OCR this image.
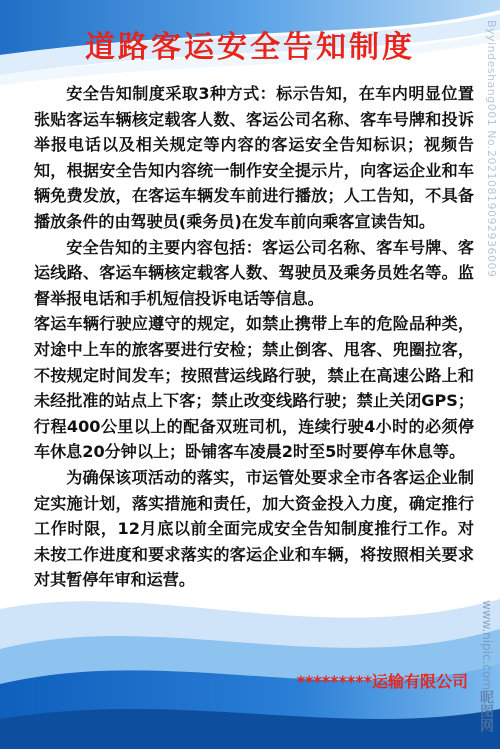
道路客运安全告知制度

安全告知制度采取3种方式：标示告知，在车内明显位置张贴客运车辆核定载客人数、客运公司名称、客车号牌和投诉举报电话以及相关规定等内容的客运安全告知标识；视频告知，根据安全告知内容统一制作安全提示片，向客运企业和车辆免费发放，在客运车辆发车前进行播放；人工告知，不具备播放条件的由驾驶员(乘务员)在发车前向乘客宣读告知。

安全告知的主要内容包括：客运公司名称、客车号牌、客运线路、客运车辆核定载客人数、驾驶员及乘务员姓名等。监督举报电话和手机短信投诉电话等信息。

客运车辆行驶应遵守的规定，如禁止携带上车的危险品种类，对途中上车的旅客要进行安检；禁止倒客、甩客、兜圈拉客，不按规定时间发车；按照营运线路行驶，禁止在高速公路上和未经批准的站点上下客；禁止改变线路行驶；禁止关闭GPS；行程400公里以上的配备双班司机，连续行驶4小时的必须停车休息20分钟以上；卧铺客车凌晨2时至5时要停车休息等。

为确保该项活动的落实，市运管处要求全市各客运企业制定实施计划，落实措施和责任，加大资金投入力度，确定推行工作时限，12月底以前全面完成安全告知制度推行工作。对未按工作进度和要求落实的客运企业和车辆，将按照相关要求对其暂停年审和运营。

*********运输有限公司
Byyindeshang001 No.20210819092936009
www.nipic.com
昵图网
